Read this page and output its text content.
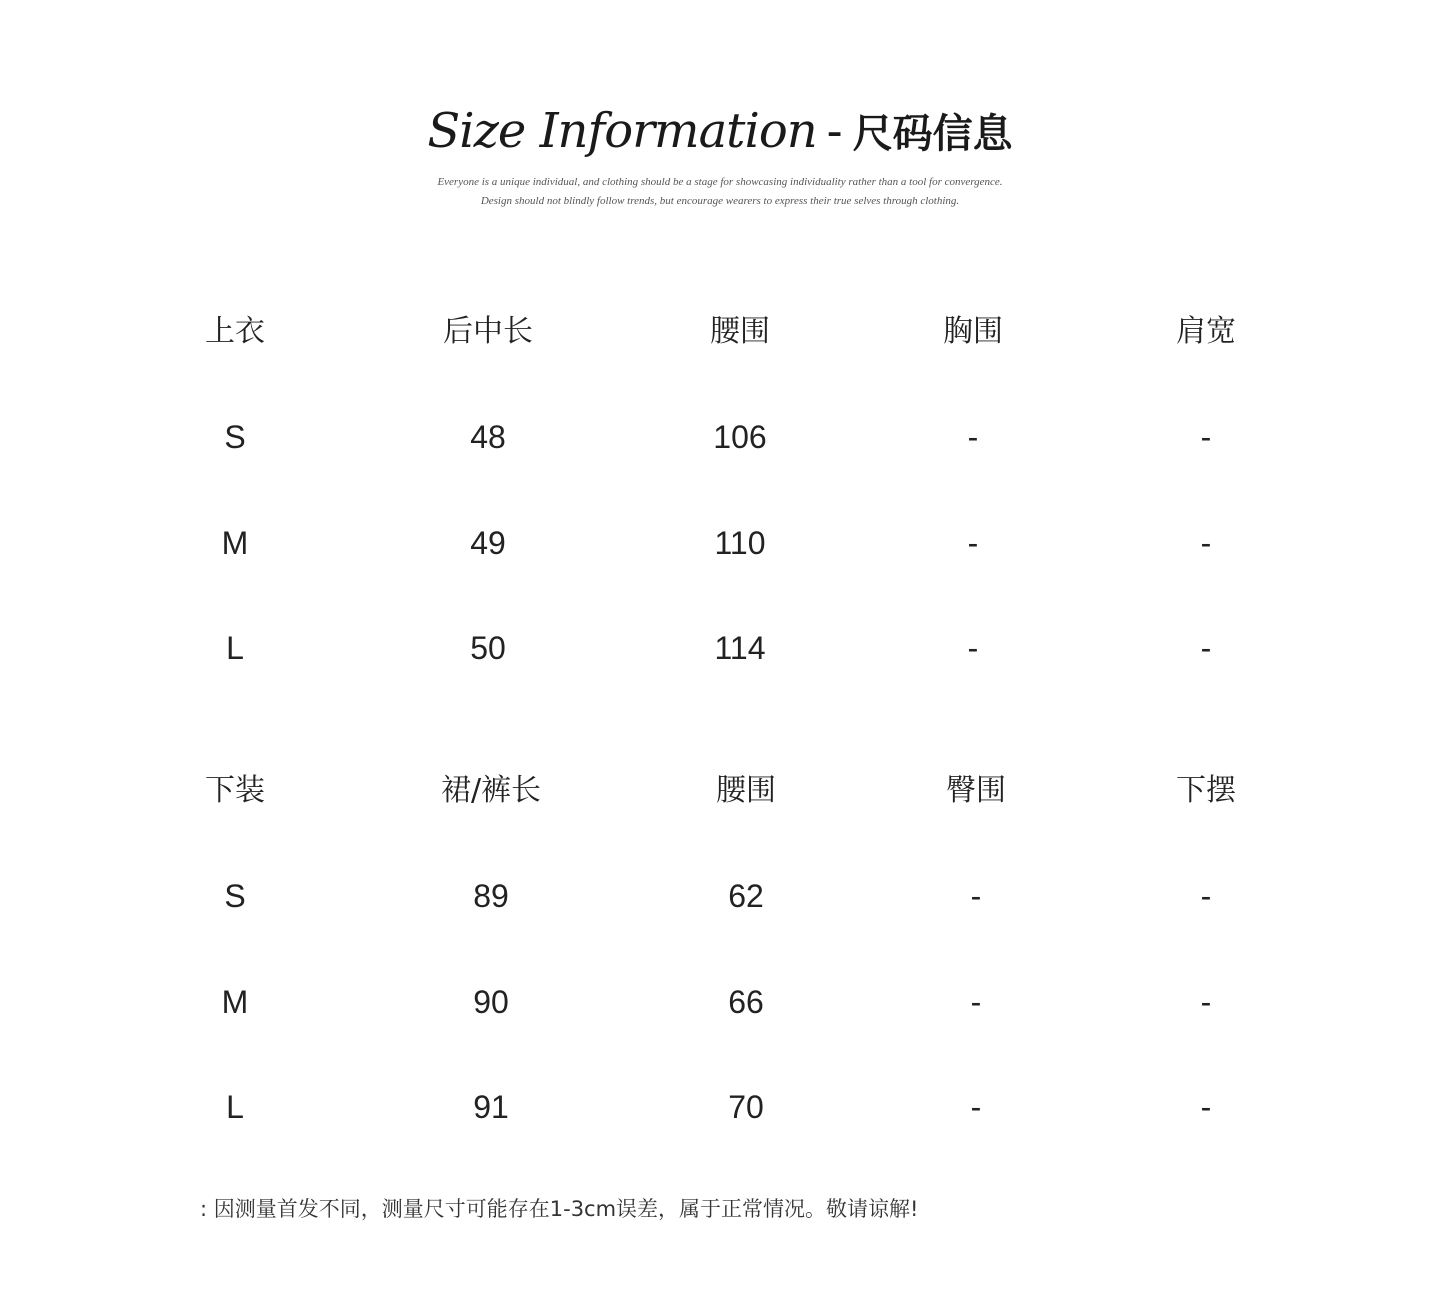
Size Information - 尺码信息
Everyone is a unique individual, and clothing should be a stage for showcasing individuality rather than a tool for convergence.
Design should not blindly follow trends, but encourage wearers to express their true selves through clothing.
上衣	后中长	腰围	胸围	肩宽
S	48	106	-	-
M	49	110	-	-
L	50	114	-	-
下装	裙/裤长	腰围	臀围	下摆
S	89	62	-	-
M	90	66	-	-
L	91	70	-	-
: 因测量首发不同，测量尺寸可能存在1-3cm误差，属于正常情况。敬请谅解!
